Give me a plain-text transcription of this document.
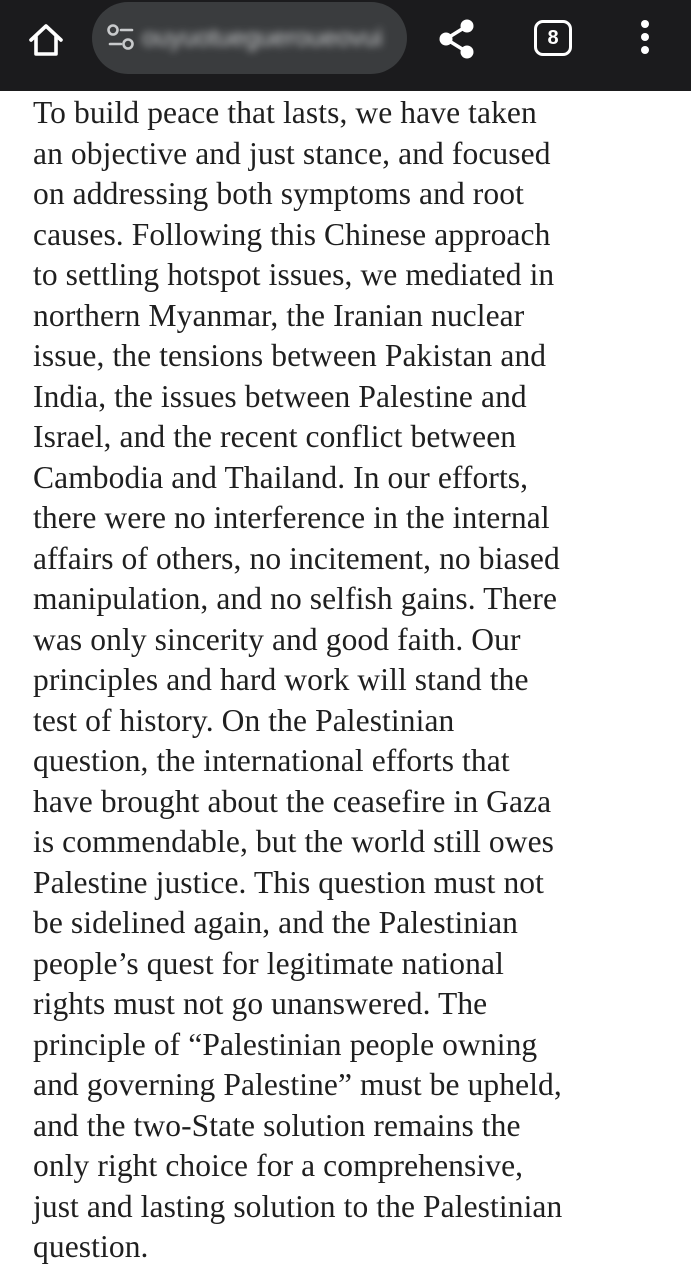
ouyuotuegueroueovui	8

To build peace that lasts, we have taken
an objective and just stance, and focused
on addressing both symptoms and root
causes. Following this Chinese approach
to settling hotspot issues, we mediated in
northern Myanmar, the Iranian nuclear
issue, the tensions between Pakistan and
India, the issues between Palestine and
Israel, and the recent conflict between
Cambodia and Thailand. In our efforts,
there were no interference in the internal
affairs of others, no incitement, no biased
manipulation, and no selfish gains. There
was only sincerity and good faith. Our
principles and hard work will stand the
test of history. On the Palestinian
question, the international efforts that
have brought about the ceasefire in Gaza
is commendable, but the world still owes
Palestine justice. This question must not
be sidelined again, and the Palestinian
people’s quest for legitimate national
rights must not go unanswered. The
principle of “Palestinian people owning
and governing Palestine” must be upheld,
and the two-State solution remains the
only right choice for a comprehensive,
just and lasting solution to the Palestinian
question.
